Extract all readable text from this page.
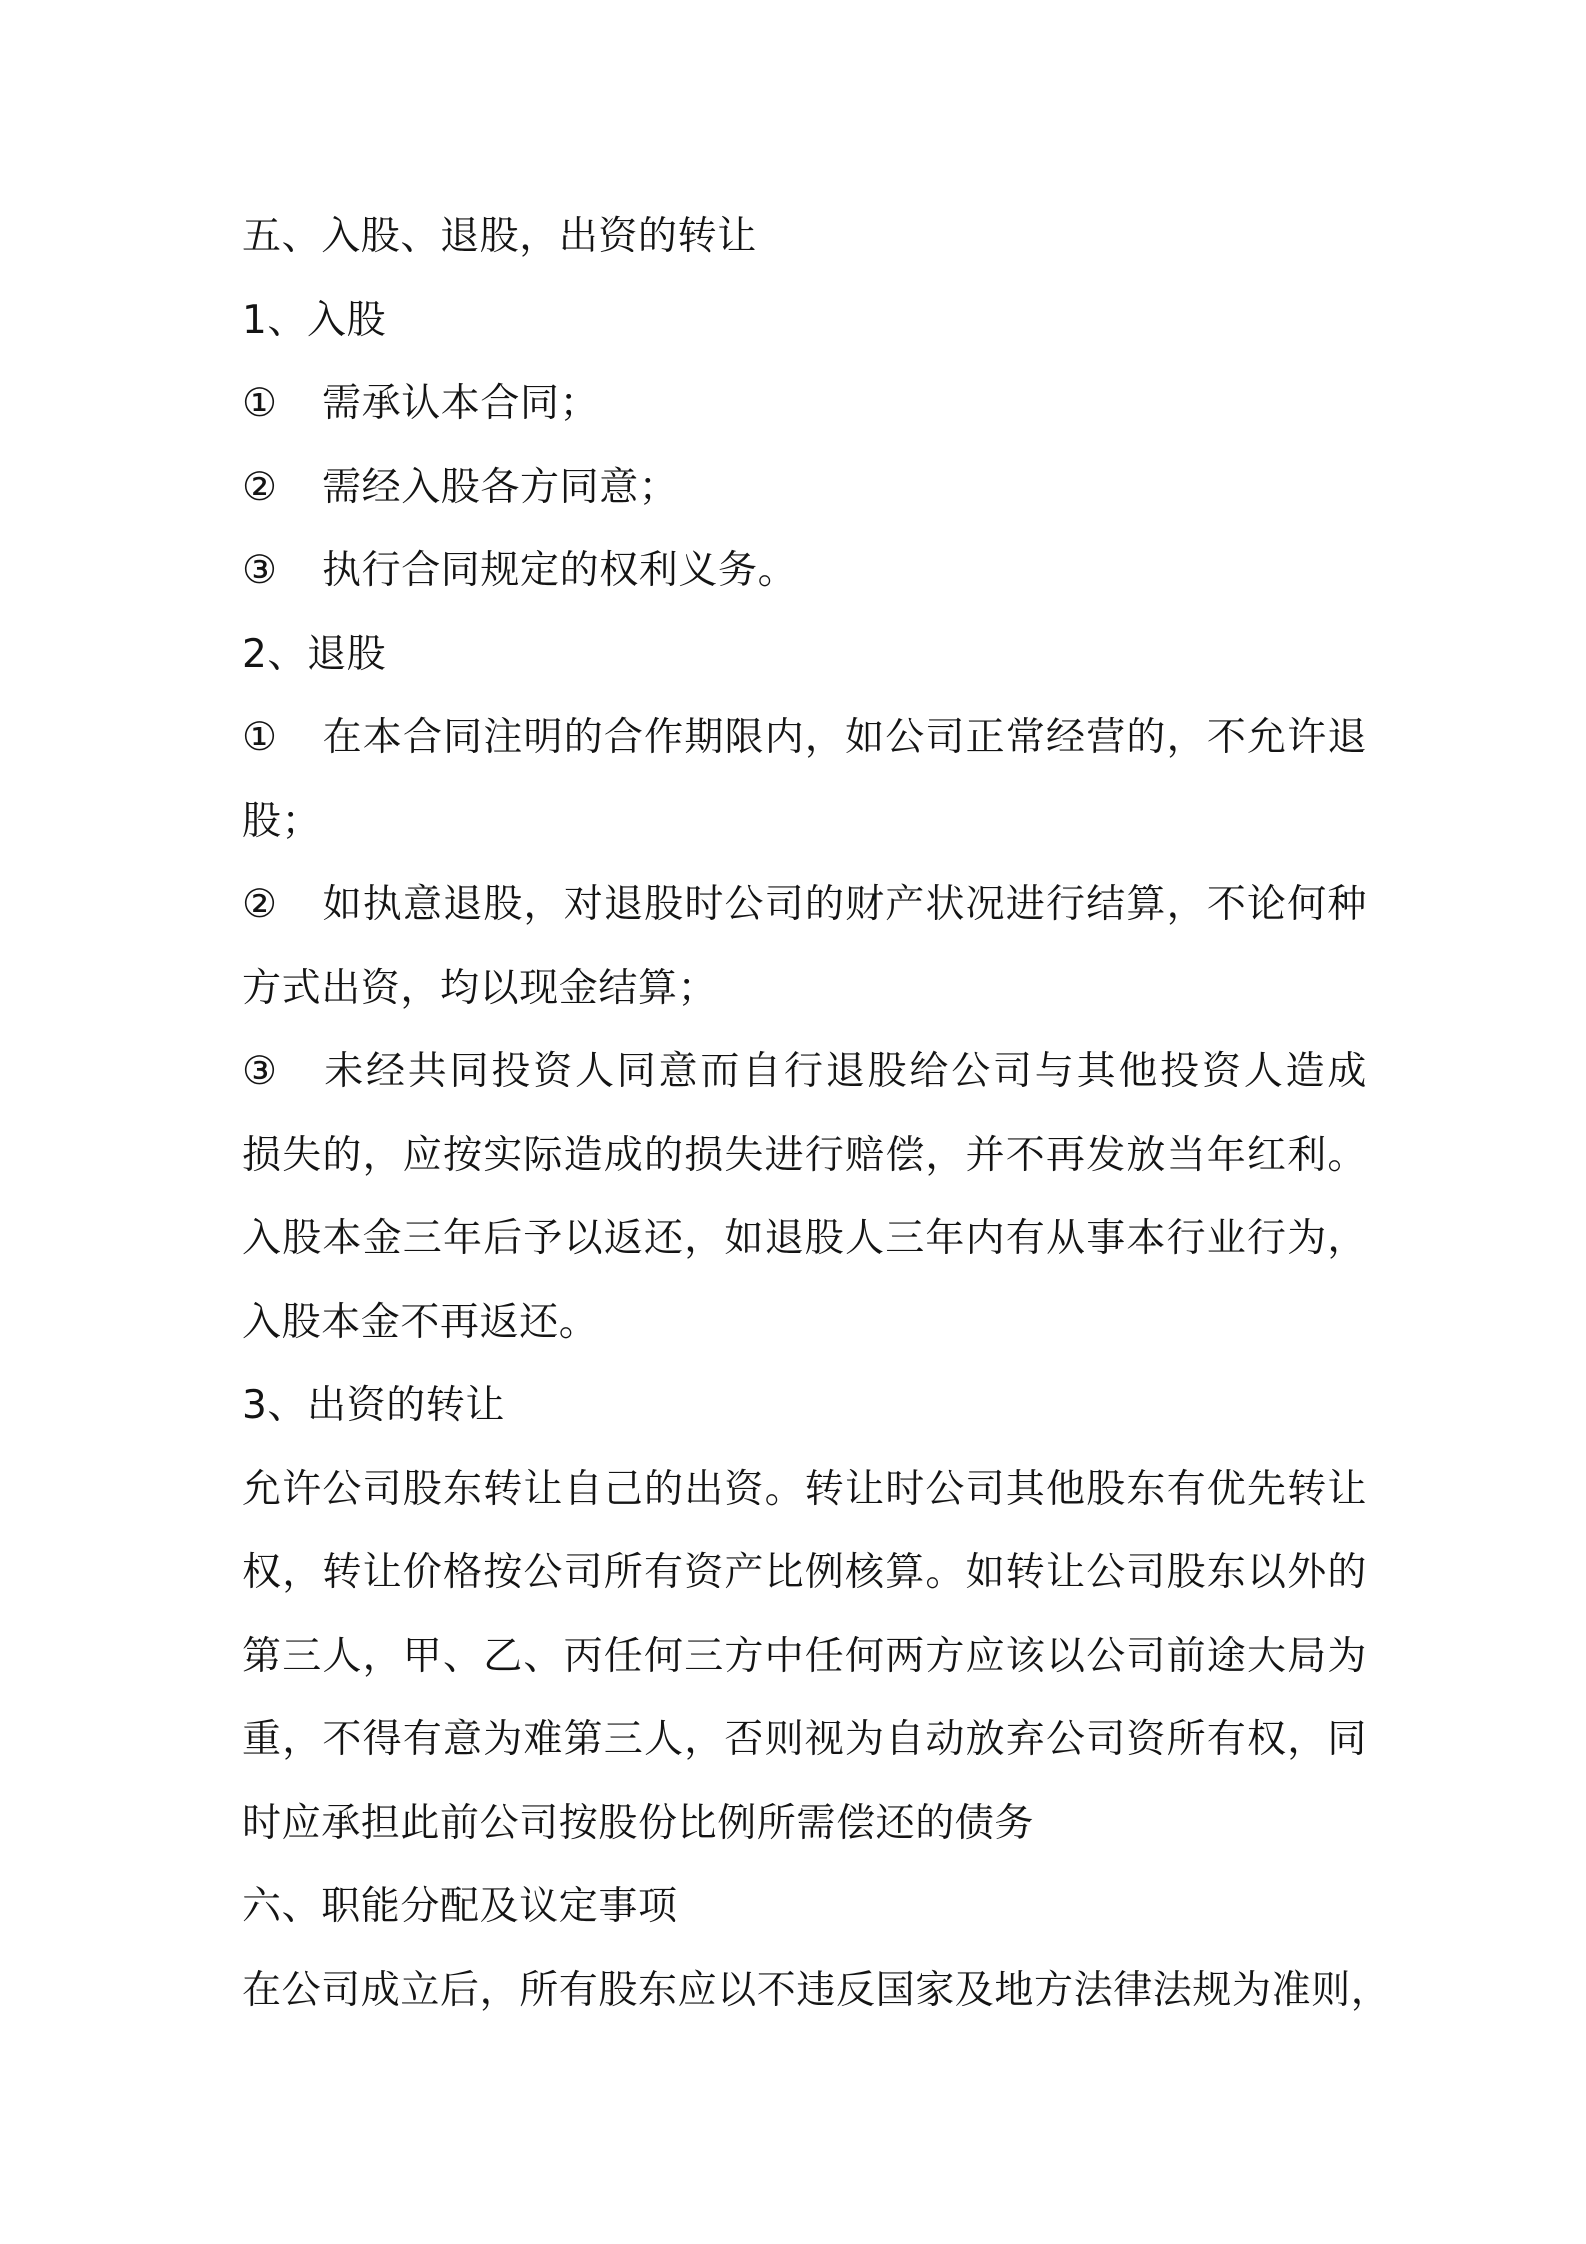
五、入股、退股，出资的转让
1、入股
① 需承认本合同；
② 需经入股各方同意；
③ 执行合同规定的权利义务。
2、退股
① 在本合同注明的合作期限内，如公司正常经营的，不允许退
股；
② 如执意退股，对退股时公司的财产状况进行结算，不论何种
方式出资，均以现金结算；
③ 未经共同投资人同意而自行退股给公司与其他投资人造成
损失的，应按实际造成的损失进行赔偿，并不再发放当年红利。
入股本金三年后予以返还，如退股人三年内有从事本行业行为，
入股本金不再返还。
3、出资的转让
允许公司股东转让自己的出资。转让时公司其他股东有优先转让
权，转让价格按公司所有资产比例核算。如转让公司股东以外的
第三人，甲、乙、丙任何三方中任何两方应该以公司前途大局为
重，不得有意为难第三人，否则视为自动放弃公司资所有权，同
时应承担此前公司按股份比例所需偿还的债务
六、职能分配及议定事项
在公司成立后，所有股东应以不违反国家及地方法律法规为准则，
